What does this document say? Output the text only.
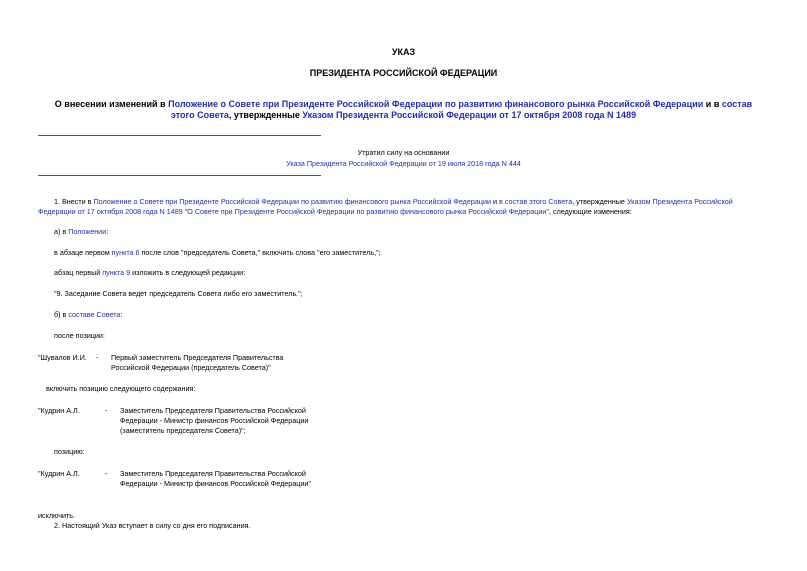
УКАЗ
ПРЕЗИДЕНТА РОССИЙСКОЙ ФЕДЕРАЦИИ
О внесении изменений в Положение о Совете при Президенте Российской Федерации по развитию финансового рынка Российской Федерации и в состав
этого Совета, утвержденные Указом Президента Российской Федерации от 17 октября 2008 года N 1489
Утратил силу на основании
Указа Президента Российской Федерации от 19 июля 2018 года N 444
1. Внести в Положение о Совете при Президенте Российской Федерации по развитию финансового рынка Российской Федерации и в состав этого Совета, утвержденные Указом Президента Российской
Федерации от 17 октября 2008 года N 1489 "О Совете при Президенте Российской Федерации по развитию финансового рынка Российской Федерации", следующие изменения:
а) в Положении:
в абзаце первом пункта 6 после слов "председатель Совета," включить слова "его заместитель,";
абзац первый пункта 9 изложить в следующей редакции:
"9. Заседание Совета ведет председатель Совета либо его заместитель.";
б) в составе Совета:
после позиции:
"Шувалов И.И. - Первый заместитель Председателя Правительства
Российской Федерации (председатель Совета)"
включить позицию следующего содержания:
"Кудрин А.Л.	- Заместитель Председателя Правительства Российской
Федерации - Министр финансов Российской Федерации
(заместитель председателя Совета)";
позицию:
"Кудрин А.Л.	- Заместитель Председателя Правительства Российской
Федерации - Министр финансов Российской Федерации"
исключить.
2. Настоящий Указ вступает в силу со дня его подписания.
